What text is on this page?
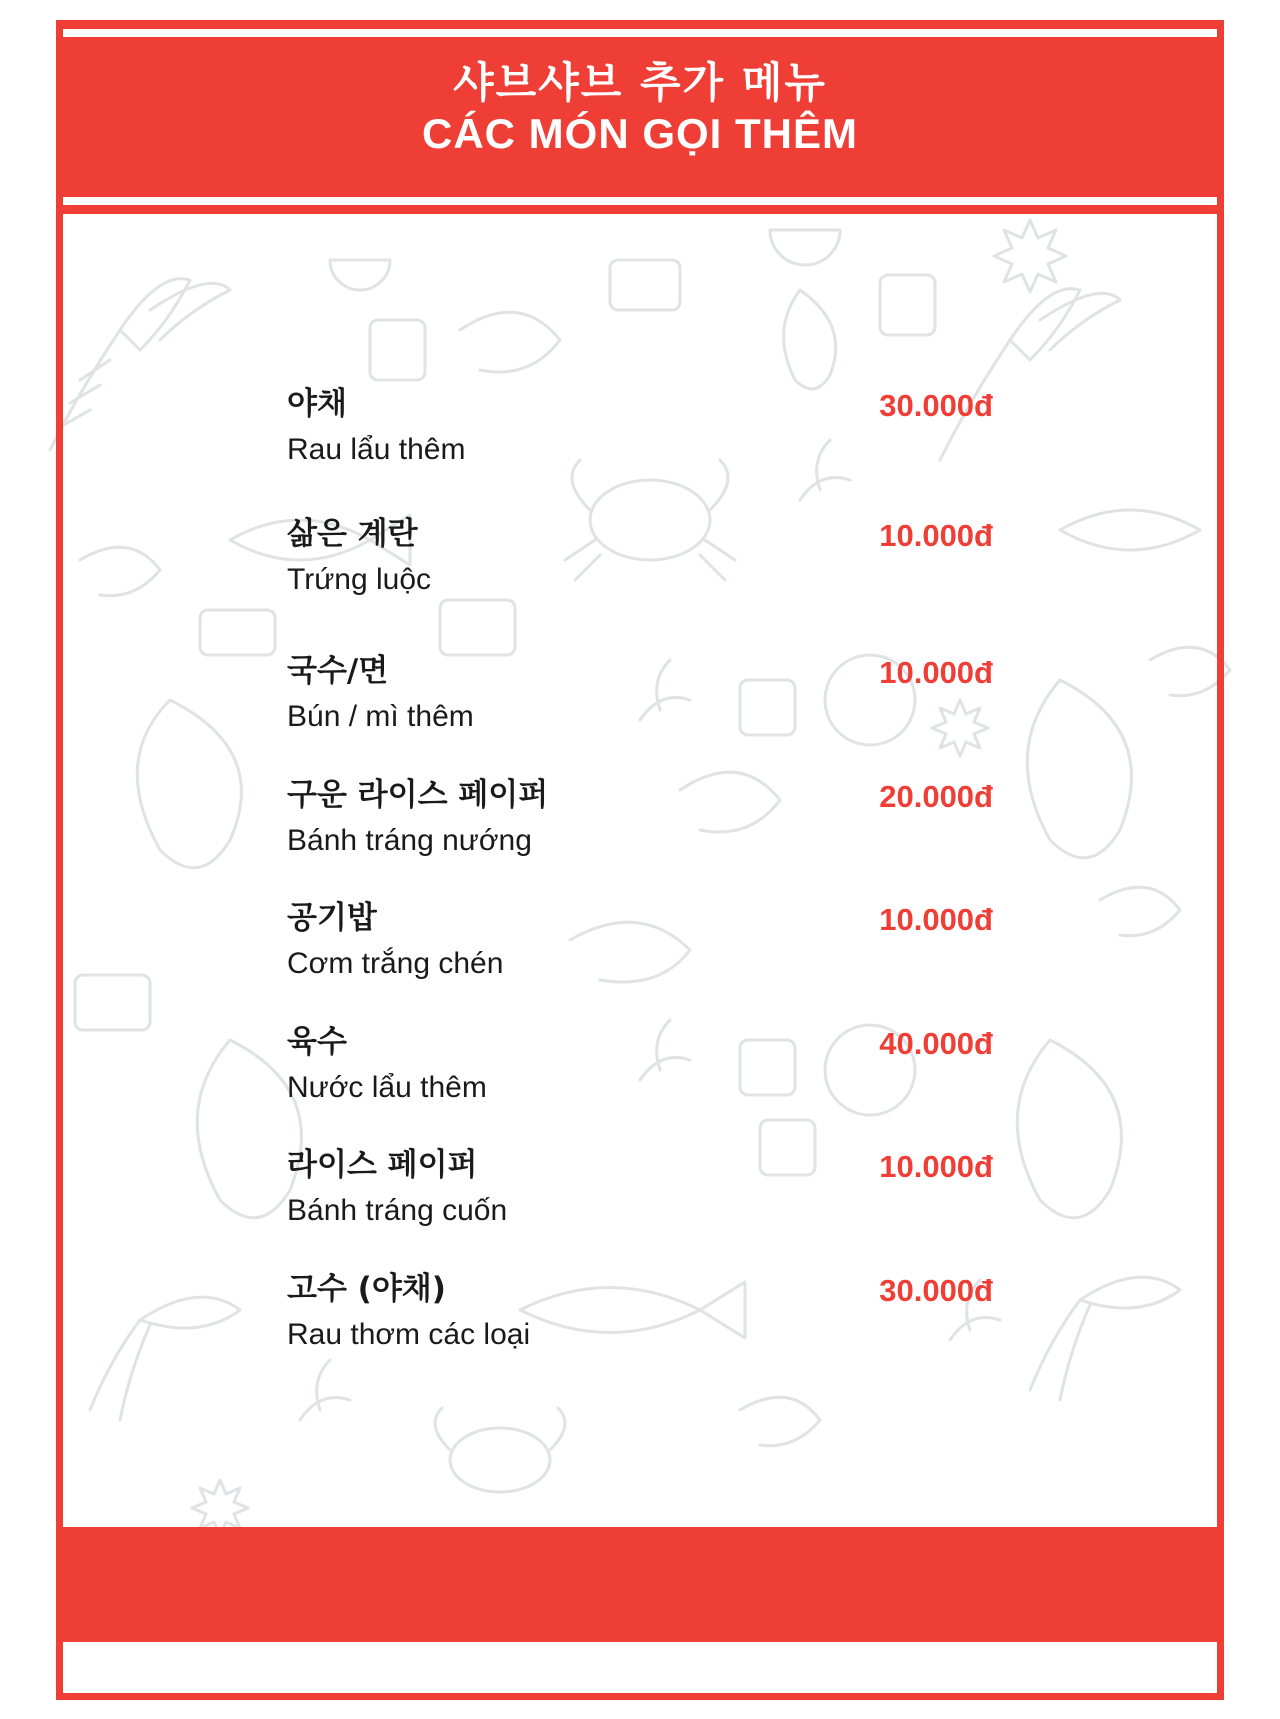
샤브샤브 추가 메뉴
CÁC MÓN GỌI THÊM
야채
Rau lẩu thêm
30.000đ
삶은 계란
Trứng luộc
10.000đ
국수/면
Bún / mì thêm
10.000đ
구운 라이스 페이퍼
Bánh tráng nướng
20.000đ
공기밥
Cơm trắng chén
10.000đ
육수
Nước lẩu thêm
40.000đ
라이스 페이퍼
Bánh tráng cuốn
10.000đ
고수 (야채)
Rau thơm các loại
30.000đ
